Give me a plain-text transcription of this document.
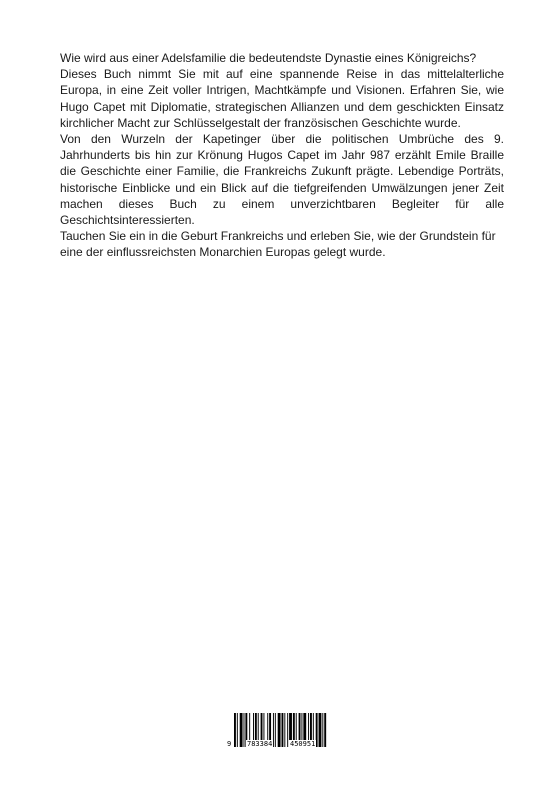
Wie wird aus einer Adelsfamilie die bedeutendste Dynastie eines Königreichs?

Dieses Buch nimmt Sie mit auf eine spannende Reise in das mittelalterliche Europa, in eine Zeit voller Intrigen, Machtkämpfe und Visionen. Erfahren Sie, wie Hugo Capet mit Diplomatie, strategischen Allianzen und dem geschickten Einsatz kirchlicher Macht zur Schlüsselgestalt der französischen Geschichte wurde.

Von den Wurzeln der Kapetinger über die politischen Umbrüche des 9. Jahrhunderts bis hin zur Krönung Hugos Capet im Jahr 987 erzählt Emile Braille die Geschichte einer Familie, die Frankreichs Zukunft prägte. Lebendige Porträts, historische Einblicke und ein Blick auf die tiefgreifenden Umwälzungen jener Zeit machen dieses Buch zu einem unverzichtbaren Begleiter für alle Geschichtsinteressierten.

Tauchen Sie ein in die Geburt Frankreichs und erleben Sie, wie der Grundstein für eine der einflussreichsten Monarchien Europas gelegt wurde.

9 783384	450951
